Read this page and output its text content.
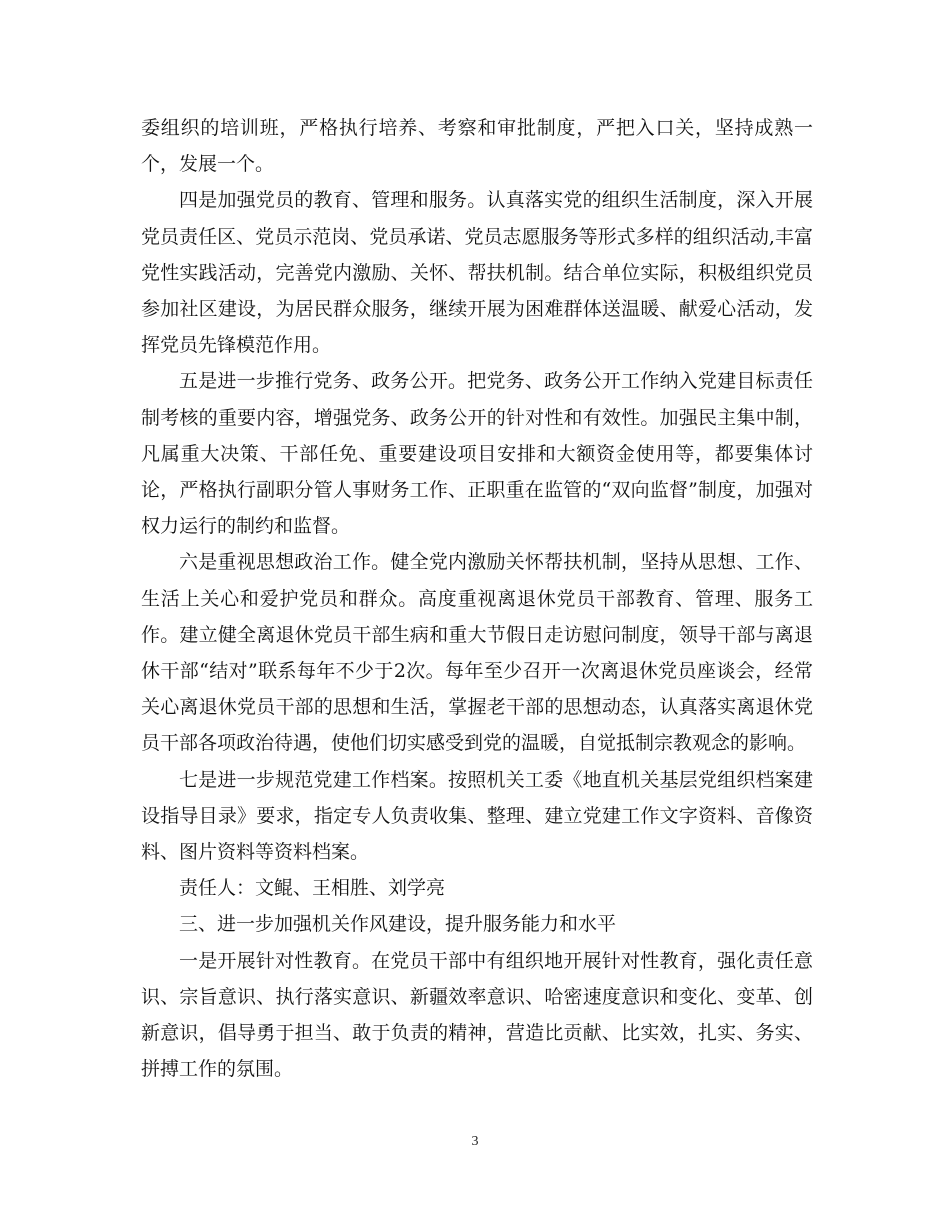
委组织的培训班，严格执行培养、考察和审批制度，严把入口关，坚持成熟一个，发展一个。

四是加强党员的教育、管理和服务。认真落实党的组织生活制度，深入开展党员责任区、党员示范岗、党员承诺、党员志愿服务等形式多样的组织活动,丰富党性实践活动，完善党内激励、关怀、帮扶机制。结合单位实际，积极组织党员参加社区建设，为居民群众服务，继续开展为困难群体送温暖、献爱心活动，发挥党员先锋模范作用。

五是进一步推行党务、政务公开。把党务、政务公开工作纳入党建目标责任制考核的重要内容，增强党务、政务公开的针对性和有效性。加强民主集中制，凡属重大决策、干部任免、重要建设项目安排和大额资金使用等，都要集体讨论，严格执行副职分管人事财务工作、正职重在监管的“双向监督”制度，加强对权力运行的制约和监督。

六是重视思想政治工作。健全党内激励关怀帮扶机制，坚持从思想、工作、生活上关心和爱护党员和群众。高度重视离退休党员干部教育、管理、服务工作。建立健全离退休党员干部生病和重大节假日走访慰问制度，领导干部与离退休干部“结对”联系每年不少于2次。每年至少召开一次离退休党员座谈会，经常关心离退休党员干部的思想和生活，掌握老干部的思想动态，认真落实离退休党员干部各项政治待遇，使他们切实感受到党的温暖，自觉抵制宗教观念的影响。

七是进一步规范党建工作档案。按照机关工委《地直机关基层党组织档案建设指导目录》要求，指定专人负责收集、整理、建立党建工作文字资料、音像资料、图片资料等资料档案。

责任人：文鲲、王相胜、刘学亮

三、进一步加强机关作风建设，提升服务能力和水平

一是开展针对性教育。在党员干部中有组织地开展针对性教育，强化责任意识、宗旨意识、执行落实意识、新疆效率意识、哈密速度意识和变化、变革、创新意识，倡导勇于担当、敢于负责的精神，营造比贡献、比实效，扎实、务实、拼搏工作的氛围。

3
